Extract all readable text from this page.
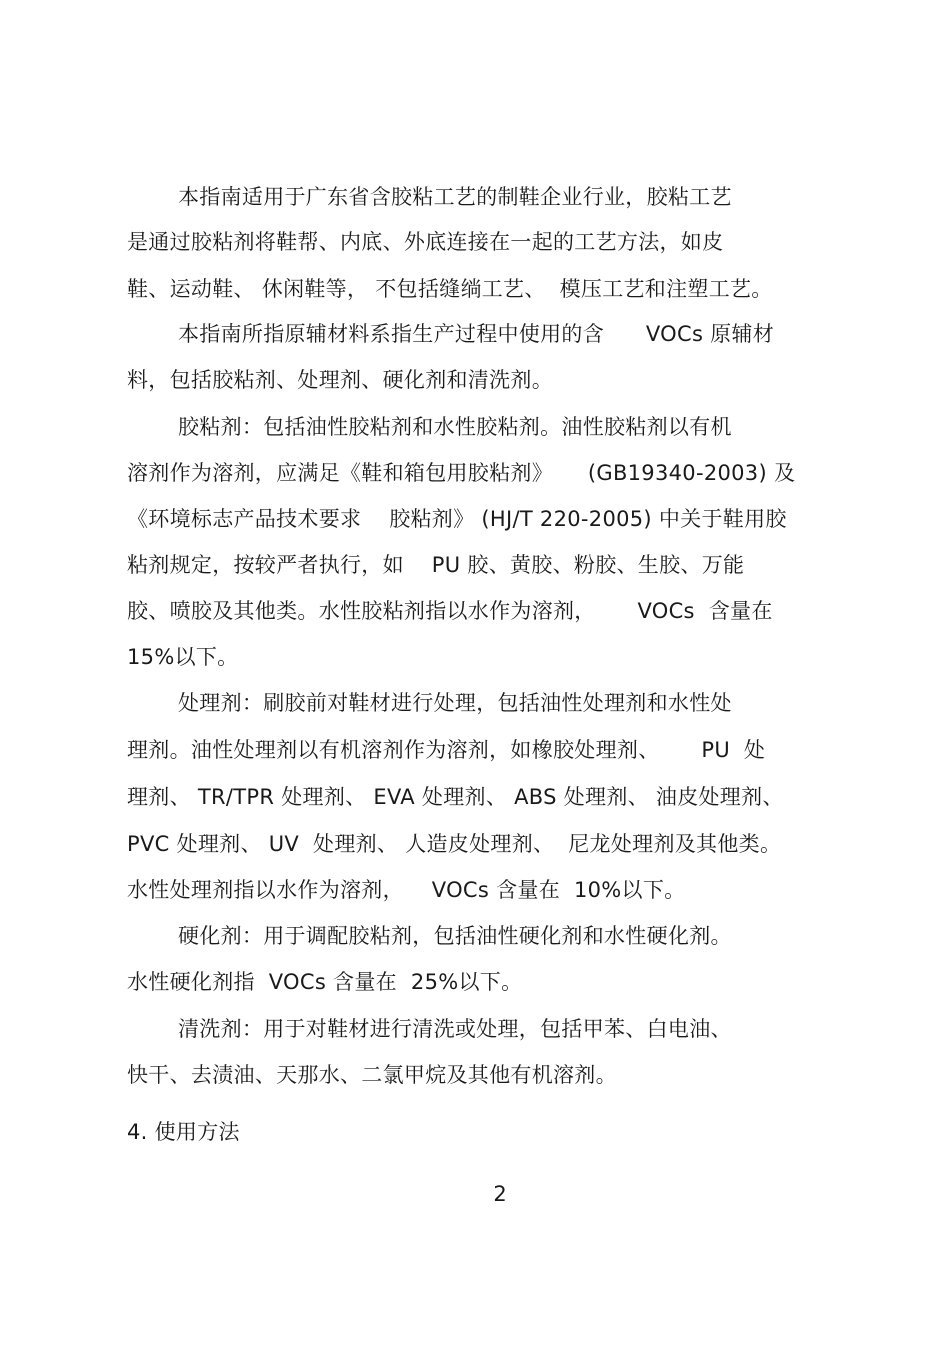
本指南适用于广东省含胶粘工艺的制鞋企业行业，胶粘工艺
是通过胶粘剂将鞋帮、内底、外底连接在一起的工艺方法，如皮
鞋、运动鞋、 休闲鞋等， 不包括缝绱工艺、  模压工艺和注塑工艺。
本指南所指原辅材料系指生产过程中使用的含      VOCs 原辅材
料，包括胶粘剂、处理剂、硬化剂和清洗剂。
胶粘剂：包括油性胶粘剂和水性胶粘剂。油性胶粘剂以有机
溶剂作为溶剂，应满足《鞋和箱包用胶粘剂》     (GB19340-2003) 及
《环境标志产品技术要求    胶粘剂》 (HJ/T 220-2005) 中关于鞋用胶
粘剂规定，按较严者执行，如    PU 胶、黄胶、粉胶、生胶、万能
胶、喷胶及其他类。水性胶粘剂指以水作为溶剂，      VOCs  含量在
15%以下。
处理剂：刷胶前对鞋材进行处理，包括油性处理剂和水性处
理剂。油性处理剂以有机溶剂作为溶剂，如橡胶处理剂、      PU  处
理剂、 TR/TPR 处理剂、 EVA 处理剂、 ABS 处理剂、 油皮处理剂、
PVC 处理剂、 UV  处理剂、 人造皮处理剂、  尼龙处理剂及其他类。
水性处理剂指以水作为溶剂，    VOCs 含量在  10%以下。
硬化剂：用于调配胶粘剂，包括油性硬化剂和水性硬化剂。
水性硬化剂指  VOCs 含量在  25%以下。
清洗剂：用于对鞋材进行清洗或处理，包括甲苯、白电油、
快干、去渍油、天那水、二氯甲烷及其他有机溶剂。
4. 使用方法
2
